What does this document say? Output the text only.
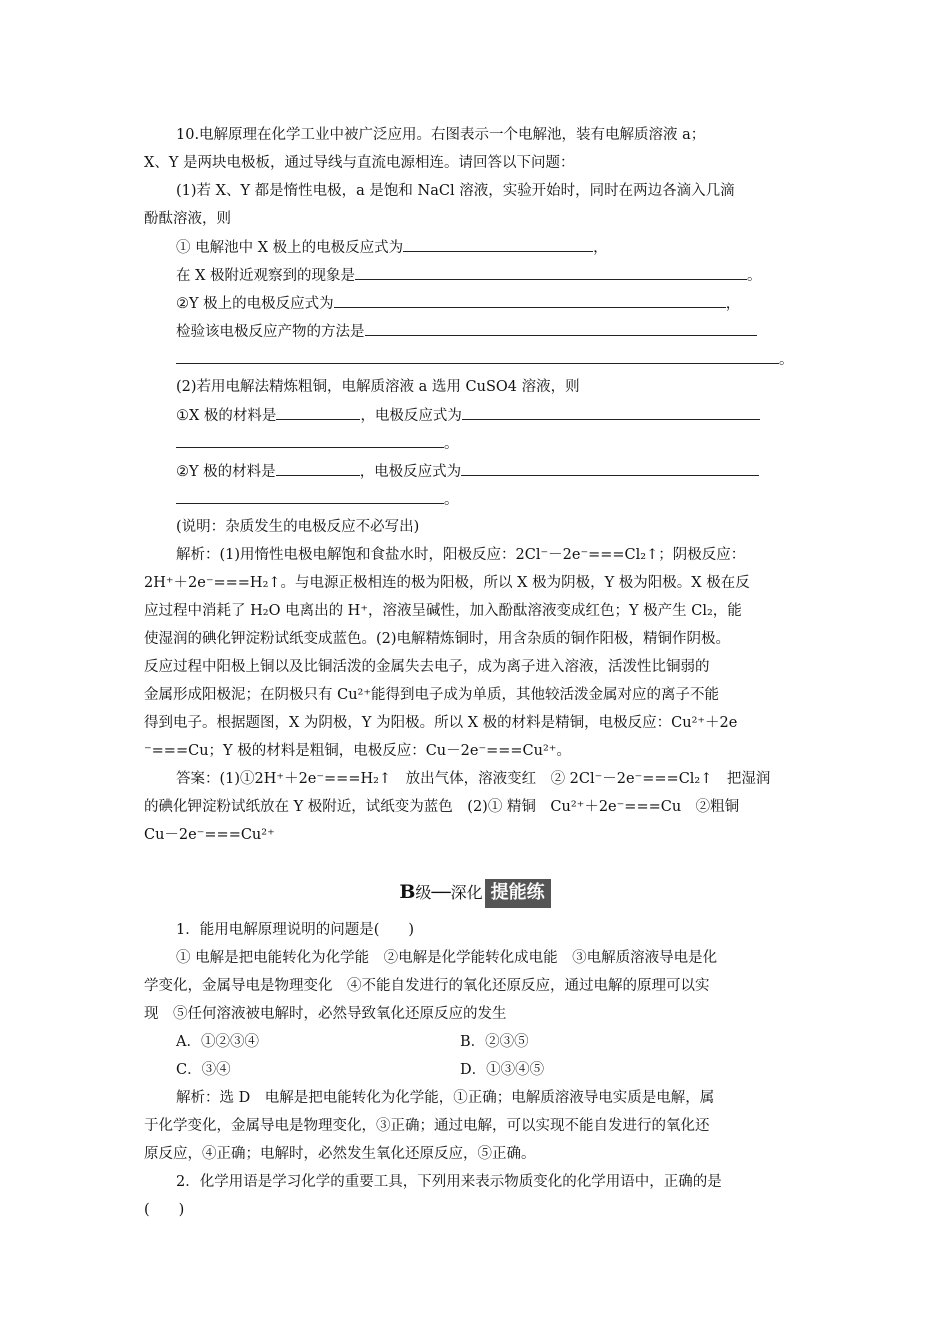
10.电解原理在化学工业中被广泛应用。右图表示一个电解池，装有电解质溶液 a；
X、Y 是两块电极板，通过导线与直流电源相连。请回答以下问题：
(1)若 X、Y 都是惰性电极，a 是饱和 NaCl 溶液，实验开始时，同时在两边各滴入几滴
酚酞溶液，则
① 电解池中 X 极上的电极反应式为	，
在 X 极附近观察到的现象是	。
②Y 极上的电极反应式为	，
检验该电极反应产物的方法是
。
(2)若用电解法精炼粗铜，电解质溶液 a 选用 CuSO4 溶液，则
①X 极的材料是	，电极反应式为
。
②Y 极的材料是	，电极反应式为
。
(说明：杂质发生的电极反应不必写出)
解析：(1)用惰性电极电解饱和食盐水时，阳极反应：2Cl⁻－2e⁻===Cl₂↑；阴极反应：
2H⁺＋2e⁻===H₂↑。与电源正极相连的极为阳极，所以 X 极为阴极，Y 极为阳极。X 极在反
应过程中消耗了 H₂O 电离出的 H⁺，溶液呈碱性，加入酚酞溶液变成红色；Y 极产生 Cl₂，能
使湿润的碘化钾淀粉试纸变成蓝色。(2)电解精炼铜时，用含杂质的铜作阳极，精铜作阴极。
反应过程中阳极上铜以及比铜活泼的金属失去电子，成为离子进入溶液，活泼性比铜弱的
金属形成阳极泥；在阴极只有 Cu²⁺能得到电子成为单质，其他较活泼金属对应的离子不能
得到电子。根据题图，X 为阴极，Y 为阳极。所以 X 极的材料是精铜，电极反应：Cu²⁺＋2e
⁻===Cu；Y 极的材料是粗铜，电极反应：Cu－2e⁻===Cu²⁺。
答案：(1)①2H⁺＋2e⁻===H₂↑　放出气体，溶液变红　② 2Cl⁻－2e⁻===Cl₂↑　把湿润
的碘化钾淀粉试纸放在 Y 极附近，试纸变为蓝色　(2)① 精铜　Cu²⁺＋2e⁻===Cu　②粗铜
Cu－2e⁻===Cu²⁺
B级──深化 提能练
1．能用电解原理说明的问题是(　　)
① 电解是把电能转化为化学能　②电解是化学能转化成电能　③电解质溶液导电是化
学变化，金属导电是物理变化　④不能自发进行的氧化还原反应，通过电解的原理可以实
现　⑤任何溶液被电解时，必然导致氧化还原反应的发生
A．①②③④	B．②③⑤
C．③④	D．①③④⑤
解析：选 D　电解是把电能转化为化学能，①正确；电解质溶液导电实质是电解，属
于化学变化，金属导电是物理变化，③正确；通过电解，可以实现不能自发进行的氧化还
原反应，④正确；电解时，必然发生氧化还原反应，⑤正确。
2．化学用语是学习化学的重要工具，下列用来表示物质变化的化学用语中，正确的是
(　　)
